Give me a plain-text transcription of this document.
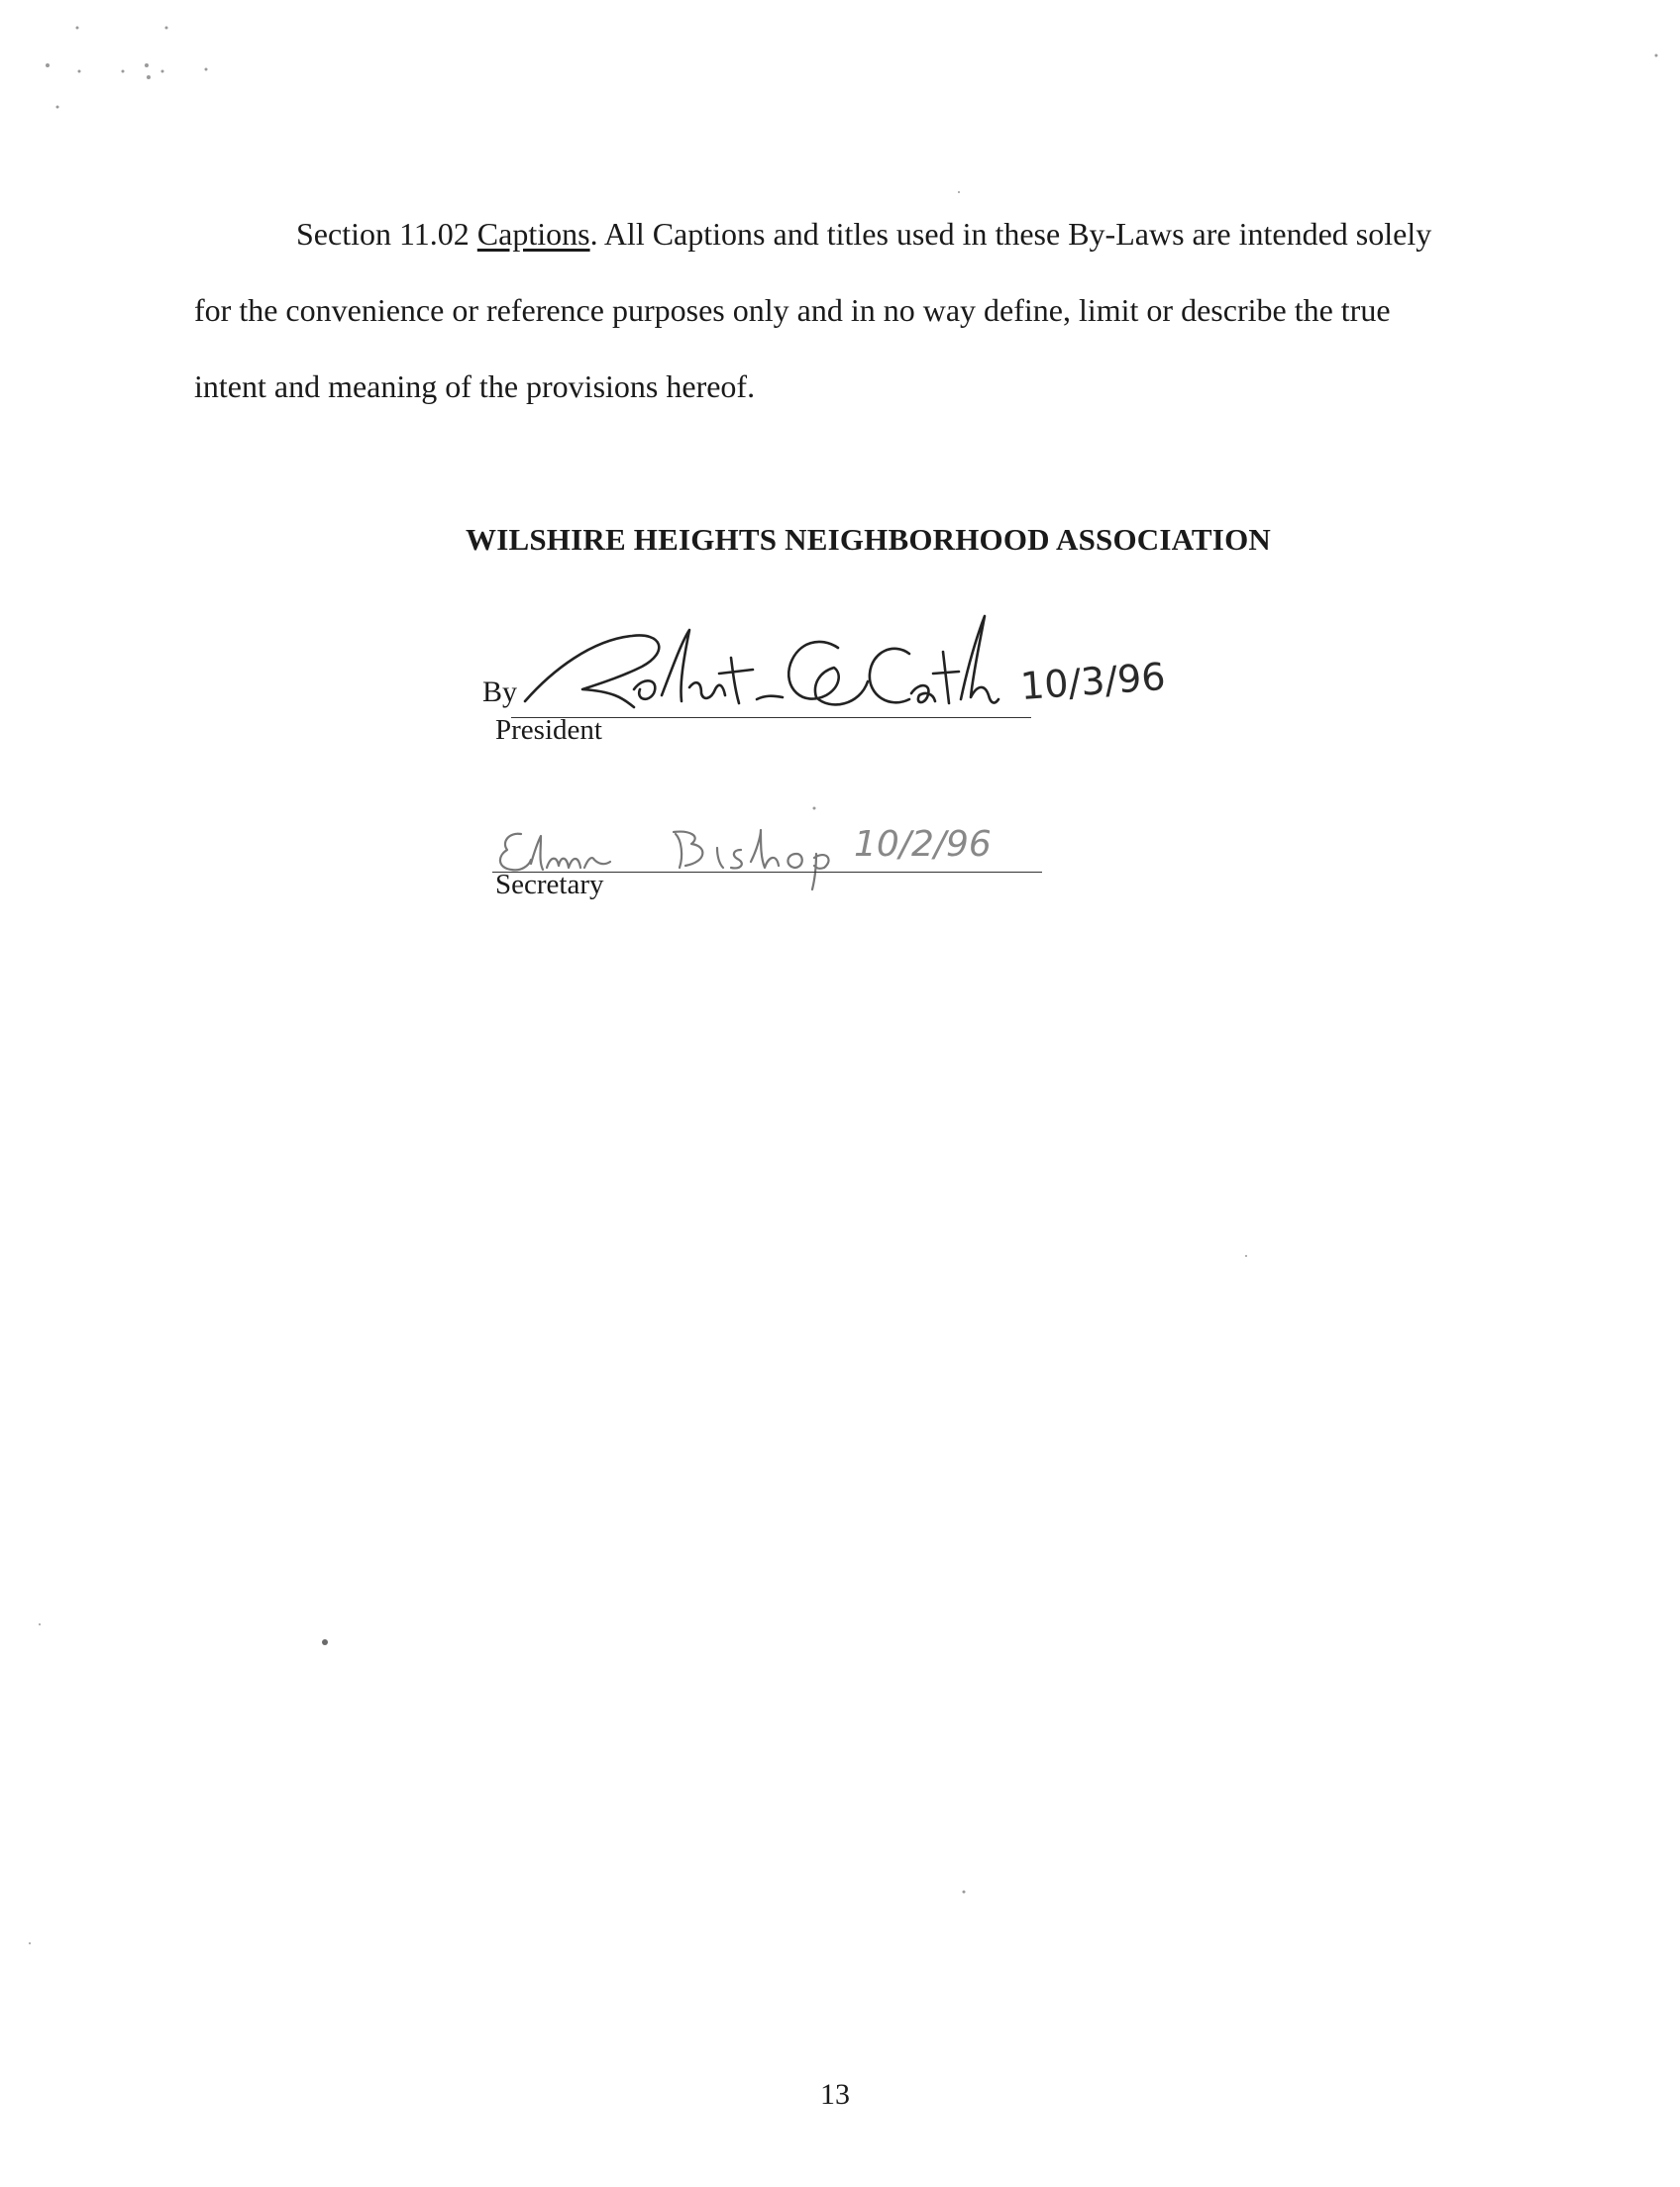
Section 11.02 Captions. All Captions and titles used in these By-Laws are intended solely
for the convenience or reference purposes only and in no way define, limit or describe the true
intent and meaning of the provisions hereof.

WILSHIRE HEIGHTS NEIGHBORHOOD ASSOCIATION
By	10/3/96
President
10/2/96
Secretary
13
